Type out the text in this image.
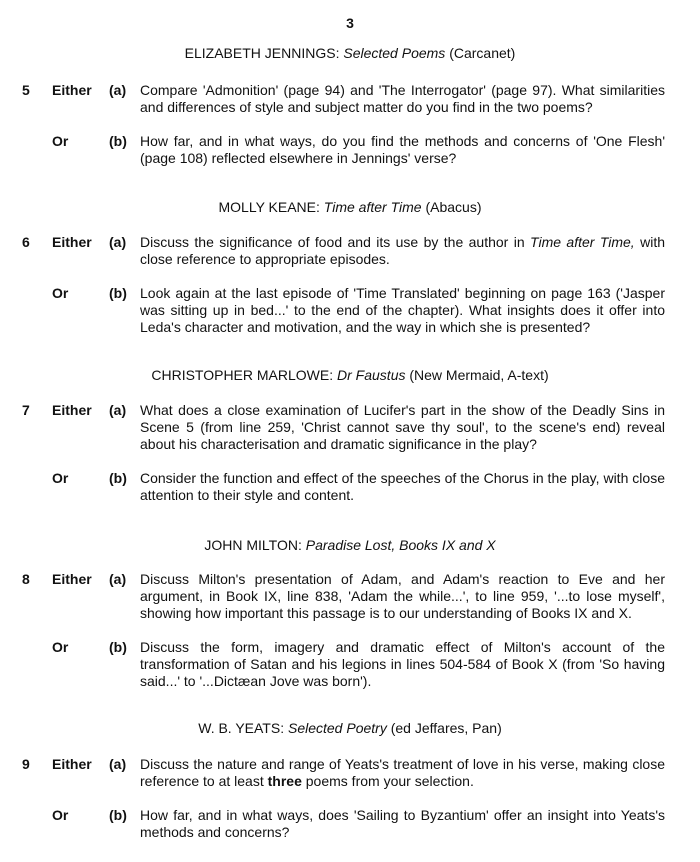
3
ELIZABETH JENNINGS: Selected Poems (Carcanet)
5 Either (a) Compare 'Admonition' (page 94) and 'The Interrogator' (page 97). What similarities and differences of style and subject matter do you find in the two poems?
Or	(b) How far, and in what ways, do you find the methods and concerns of 'One Flesh' (page 108) reflected elsewhere in Jennings' verse?
MOLLY KEANE: Time after Time (Abacus)
6 Either (a) Discuss the significance of food and its use by the author in Time after Time, with close reference to appropriate episodes.
Or	(b) Look again at the last episode of 'Time Translated' beginning on page 163 ('Jasper was sitting up in bed...' to the end of the chapter). What insights does it offer into Leda's character and motivation, and the way in which she is presented?
CHRISTOPHER MARLOWE: Dr Faustus (New Mermaid, A-text)
7 Either (a) What does a close examination of Lucifer's part in the show of the Deadly Sins in Scene 5 (from line 259, 'Christ cannot save thy soul', to the scene's end) reveal about his characterisation and dramatic significance in the play?
Or	(b) Consider the function and effect of the speeches of the Chorus in the play, with close attention to their style and content.
JOHN MILTON: Paradise Lost, Books IX and X
8 Either (a) Discuss Milton's presentation of Adam, and Adam's reaction to Eve and her argument, in Book IX, line 838, 'Adam the while...', to line 959, '...to lose myself', showing how important this passage is to our understanding of Books IX and X.
Or	(b) Discuss the form, imagery and dramatic effect of Milton's account of the transformation of Satan and his legions in lines 504-584 of Book X (from 'So having said...' to '...Dictæan Jove was born').
W. B. YEATS: Selected Poetry (ed Jeffares, Pan)
9 Either (a) Discuss the nature and range of Yeats's treatment of love in his verse, making close reference to at least three poems from your selection.
Or	(b) How far, and in what ways, does 'Sailing to Byzantium' offer an insight into Yeats's methods and concerns?
